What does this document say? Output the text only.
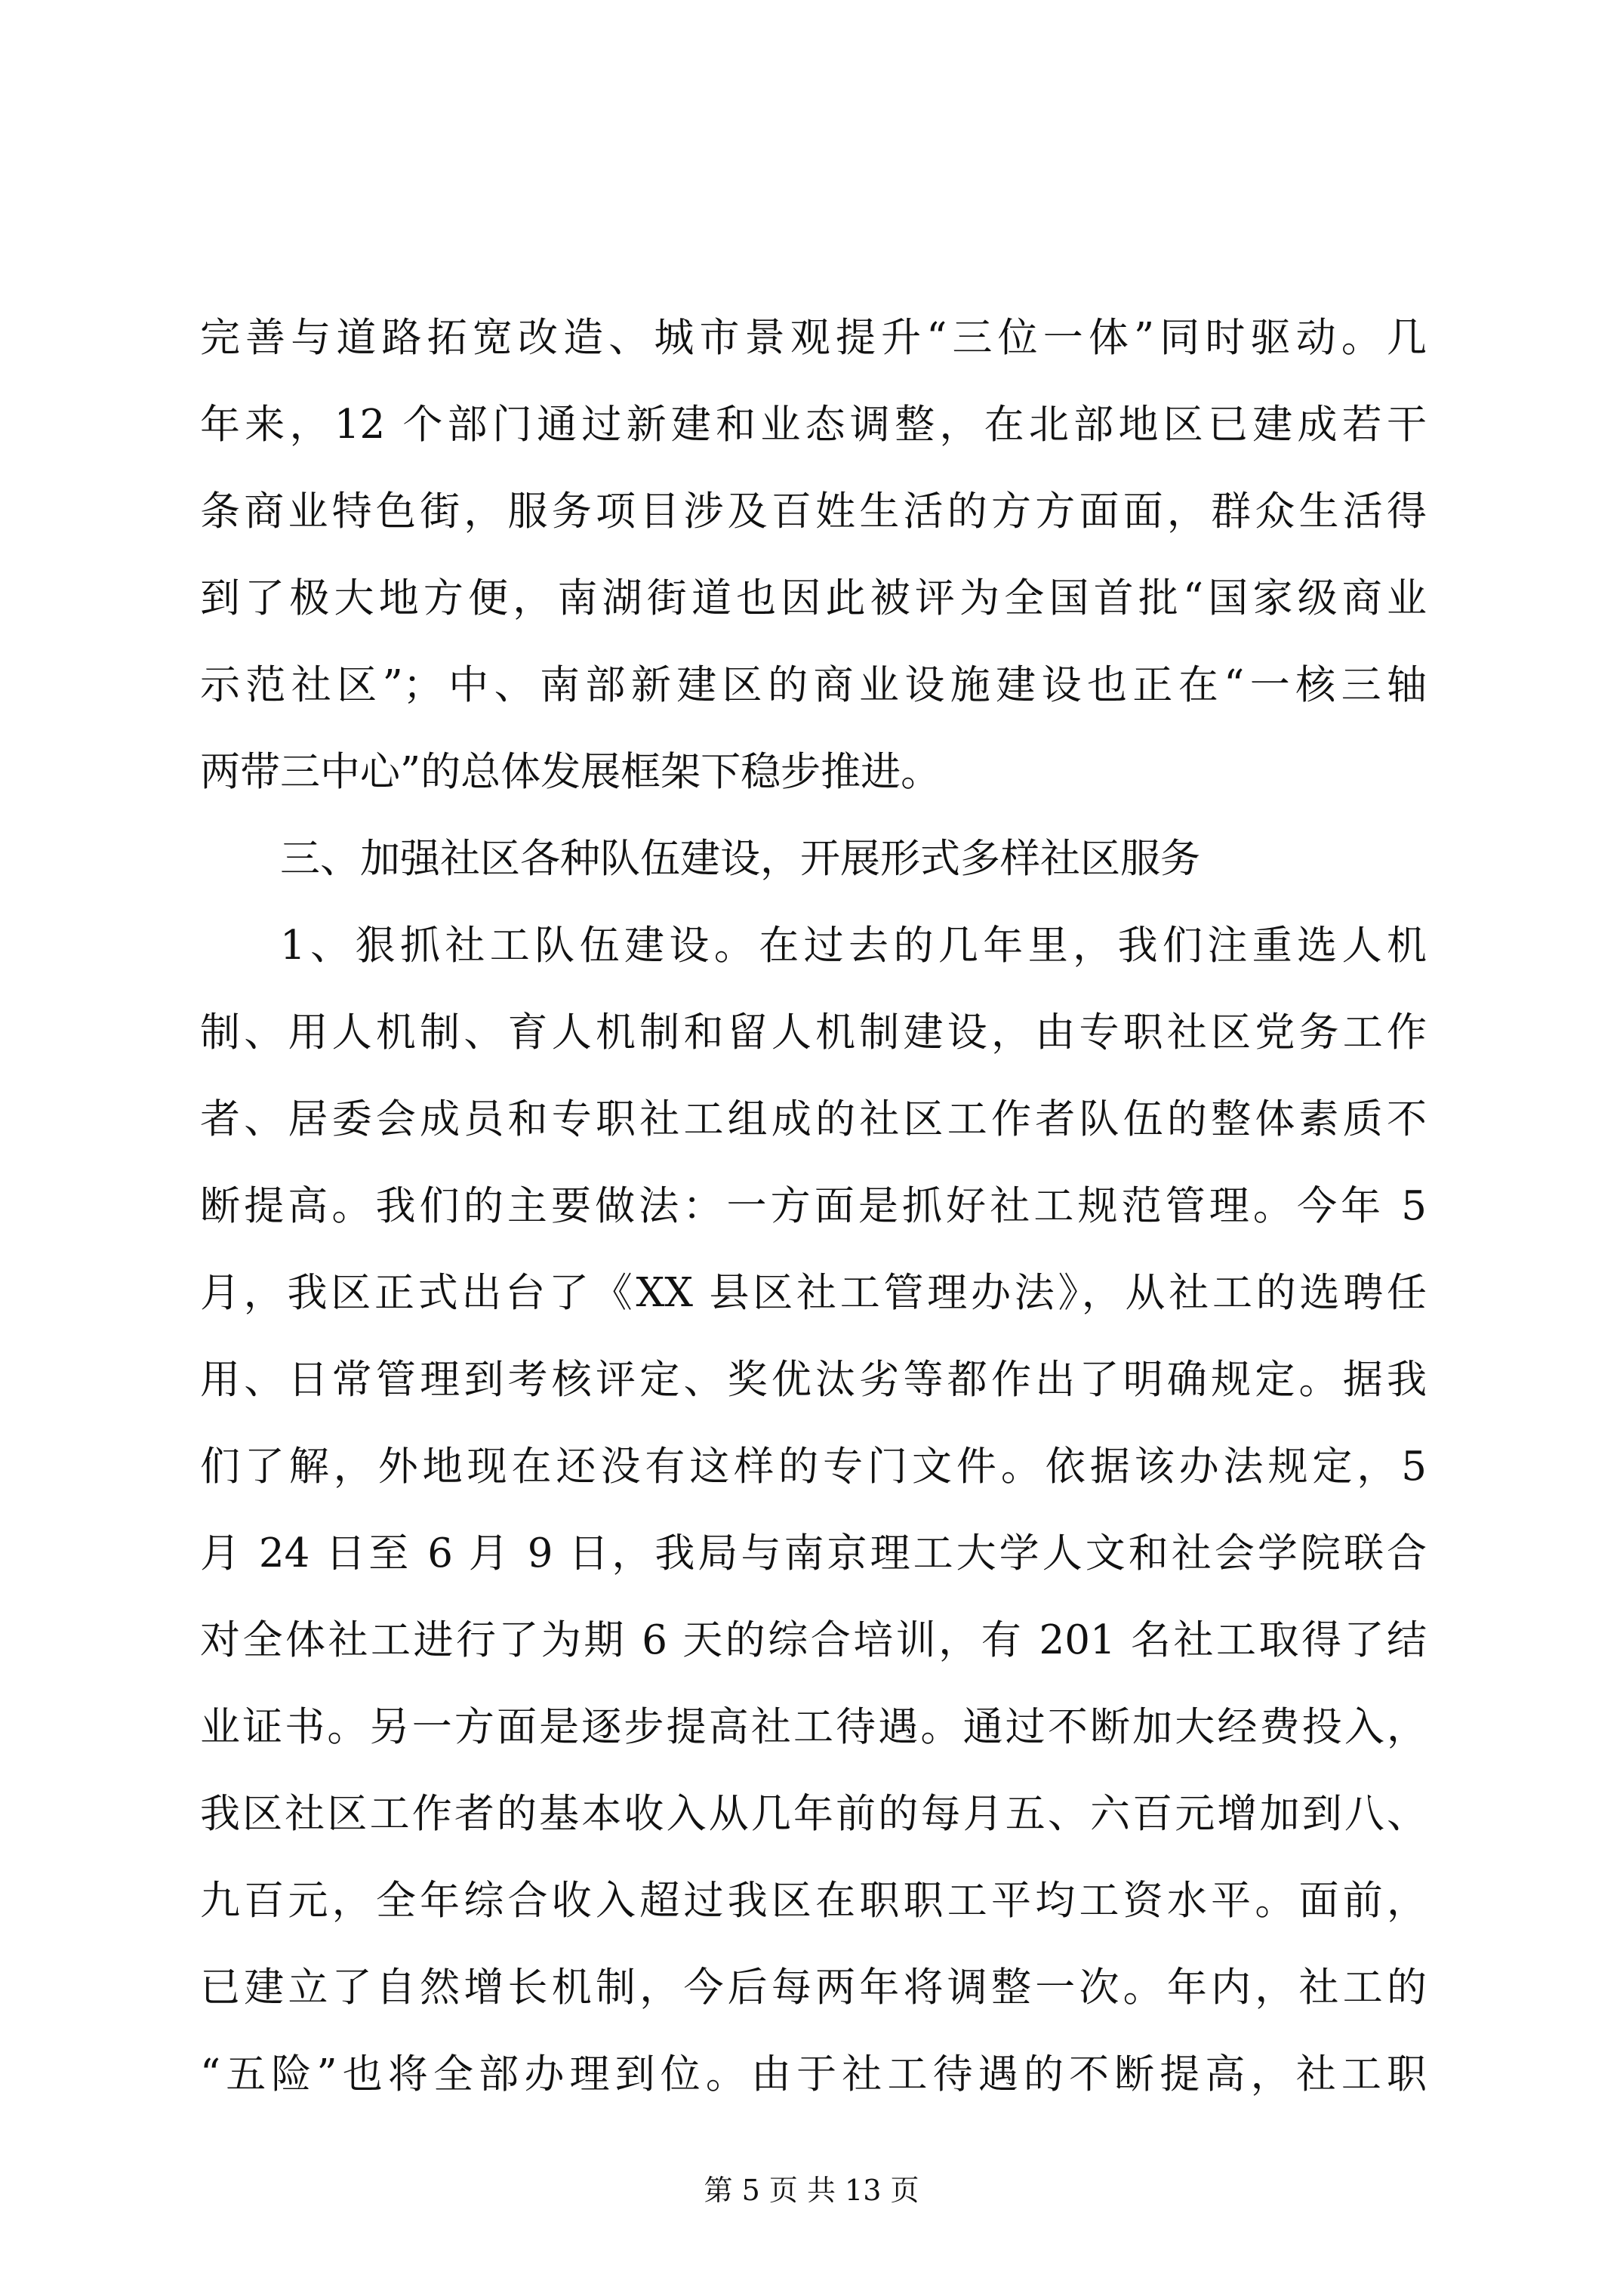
完善与道路拓宽改造、城市景观提升“三位一体”同时驱动。几
年来，12 个部门通过新建和业态调整，在北部地区已建成若干
条商业特色街，服务项目涉及百姓生活的方方面面，群众生活得
到了极大地方便，南湖街道也因此被评为全国首批“国家级商业
示范社区”；中、南部新建区的商业设施建设也正在“一核三轴
两带三中心”的总体发展框架下稳步推进。
三、加强社区各种队伍建设，开展形式多样社区服务
1、狠抓社工队伍建设。在过去的几年里，我们注重选人机
制、用人机制、育人机制和留人机制建设，由专职社区党务工作
者、居委会成员和专职社工组成的社区工作者队伍的整体素质不
断提高。我们的主要做法：一方面是抓好社工规范管理。今年 5
月，我区正式出台了《XX 县区社工管理办法》，从社工的选聘任
用、日常管理到考核评定、奖优汰劣等都作出了明确规定。据我
们了解，外地现在还没有这样的专门文件。依据该办法规定，5
月 24 日至 6 月 9 日，我局与南京理工大学人文和社会学院联合
对全体社工进行了为期 6 天的综合培训，有 201 名社工取得了结
业证书。另一方面是逐步提高社工待遇。通过不断加大经费投入，
我区社区工作者的基本收入从几年前的每月五、六百元增加到八、
九百元，全年综合收入超过我区在职职工平均工资水平。面前，
已建立了自然增长机制，今后每两年将调整一次。年内，社工的
“五险”也将全部办理到位。由于社工待遇的不断提高，社工职
第 5 页 共 13 页
